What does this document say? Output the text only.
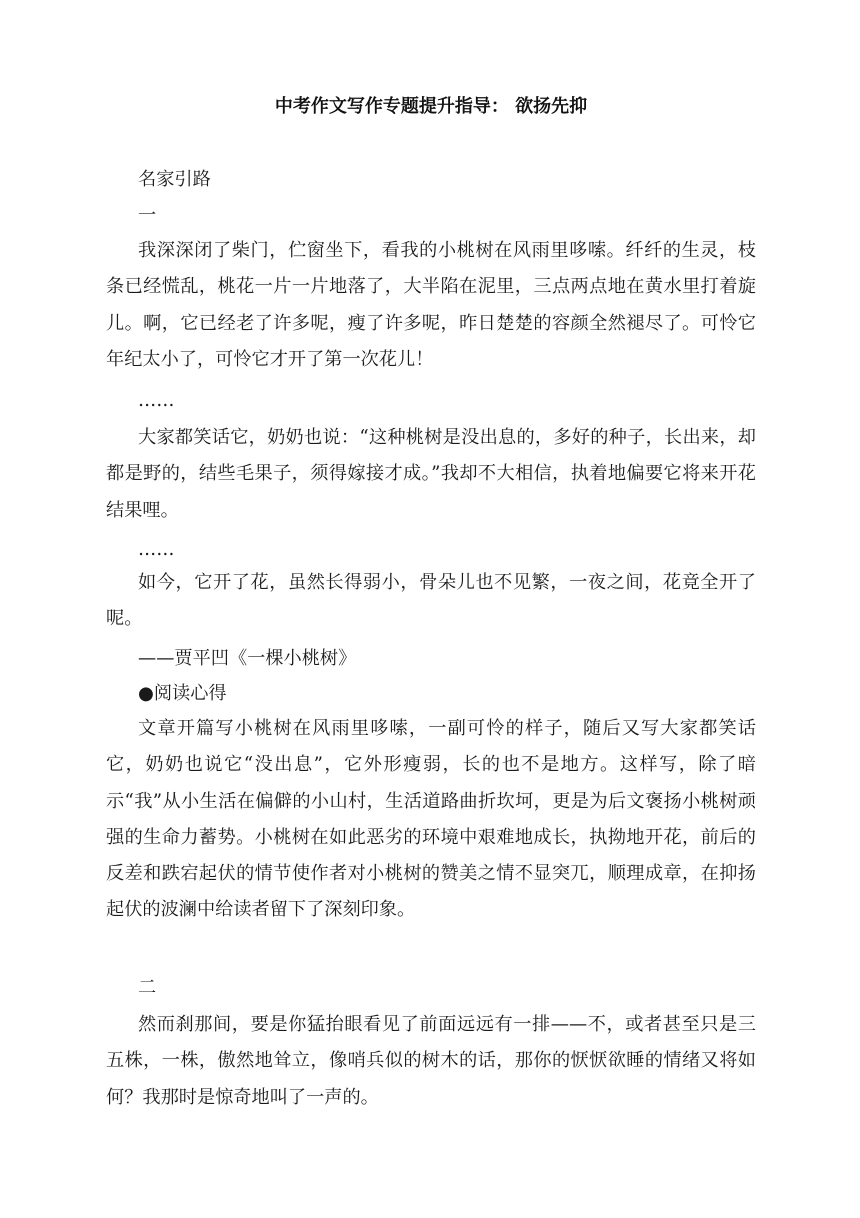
中考作文写作专题提升指导： 欲扬先抑
名家引路
一
我深深闭了柴门，伫窗坐下，看我的小桃树在风雨里哆嗦。纤纤的生灵，枝条已经慌乱，桃花一片一片地落了，大半陷在泥里，三点两点地在黄水里打着旋儿。啊，它已经老了许多呢，瘦了许多呢，昨日楚楚的容颜全然褪尽了。可怜它年纪太小了，可怜它才开了第一次花儿！
……
大家都笑话它，奶奶也说：“这种桃树是没出息的，多好的种子，长出来，却都是野的，结些毛果子，须得嫁接才成。”我却不大相信，执着地偏要它将来开花结果哩。
……
如今，它开了花，虽然长得弱小，骨朵儿也不见繁，一夜之间，花竟全开了呢。
——贾平凹《一棵小桃树》
●阅读心得
文章开篇写小桃树在风雨里哆嗦，一副可怜的样子，随后又写大家都笑话它，奶奶也说它“没出息”，它外形瘦弱，长的也不是地方。这样写，除了暗示“我”从小生活在偏僻的小山村，生活道路曲折坎坷，更是为后文褒扬小桃树顽强的生命力蓄势。小桃树在如此恶劣的环境中艰难地成长，执拗地开花，前后的反差和跌宕起伏的情节使作者对小桃树的赞美之情不显突兀，顺理成章，在抑扬起伏的波澜中给读者留下了深刻印象。
二
然而刹那间，要是你猛抬眼看见了前面远远有一排——不，或者甚至只是三五株，一株，傲然地耸立，像哨兵似的树木的话，那你的恹恹欲睡的情绪又将如何？我那时是惊奇地叫了一声的。
